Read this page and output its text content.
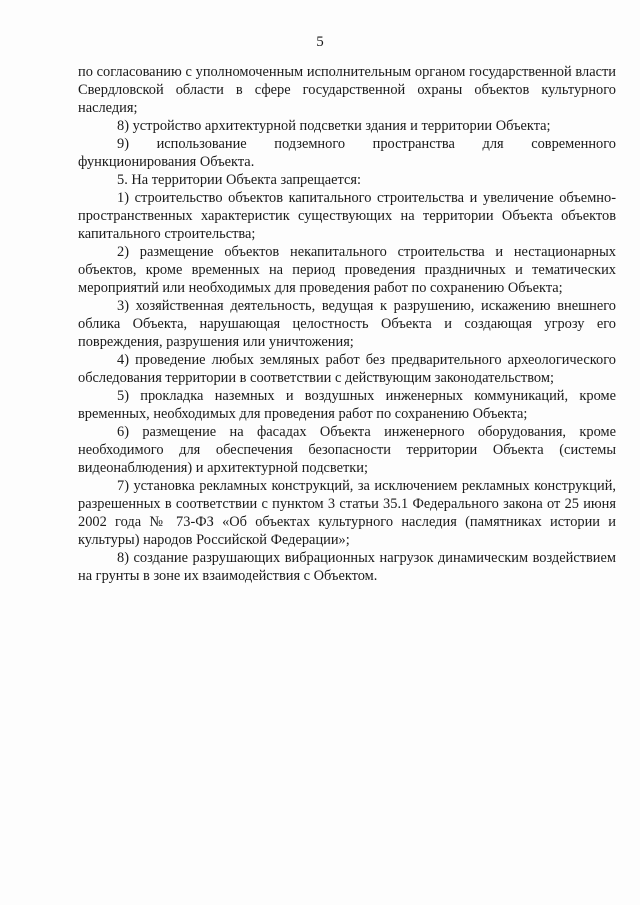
5

по согласованию с уполномоченным исполнительным органом государственной власти Свердловской области в сфере государственной охраны объектов культурного наследия;

8) устройство архитектурной подсветки здания и территории Объекта;

9) использование подземного пространства для современного функционирования Объекта.

5. На территории Объекта запрещается:

1) строительство объектов капитального строительства и увеличение объемно-пространственных характеристик существующих на территории Объекта объектов капитального строительства;

2) размещение объектов некапитального строительства и нестационарных объектов, кроме временных на период проведения праздничных и тематических мероприятий или необходимых для проведения работ по сохранению Объекта;

3) хозяйственная деятельность, ведущая к разрушению, искажению внешнего облика Объекта, нарушающая целостность Объекта и создающая угрозу его повреждения, разрушения или уничтожения;

4) проведение любых земляных работ без предварительного археологического обследования территории в соответствии с действующим законодательством;

5) прокладка наземных и воздушных инженерных коммуникаций, кроме временных, необходимых для проведения работ по сохранению Объекта;

6) размещение на фасадах Объекта инженерного оборудования, кроме необходимого для обеспечения безопасности территории Объекта (системы видеонаблюдения) и архитектурной подсветки;

7) установка рекламных конструкций, за исключением рекламных конструкций, разрешенных в соответствии с пунктом 3 статьи 35.1 Федерального закона от 25 июня 2002 года № 73-ФЗ «Об объектах культурного наследия (памятниках истории и культуры) народов Российской Федерации»;

8) создание разрушающих вибрационных нагрузок динамическим воздействием на грунты в зоне их взаимодействия с Объектом.
